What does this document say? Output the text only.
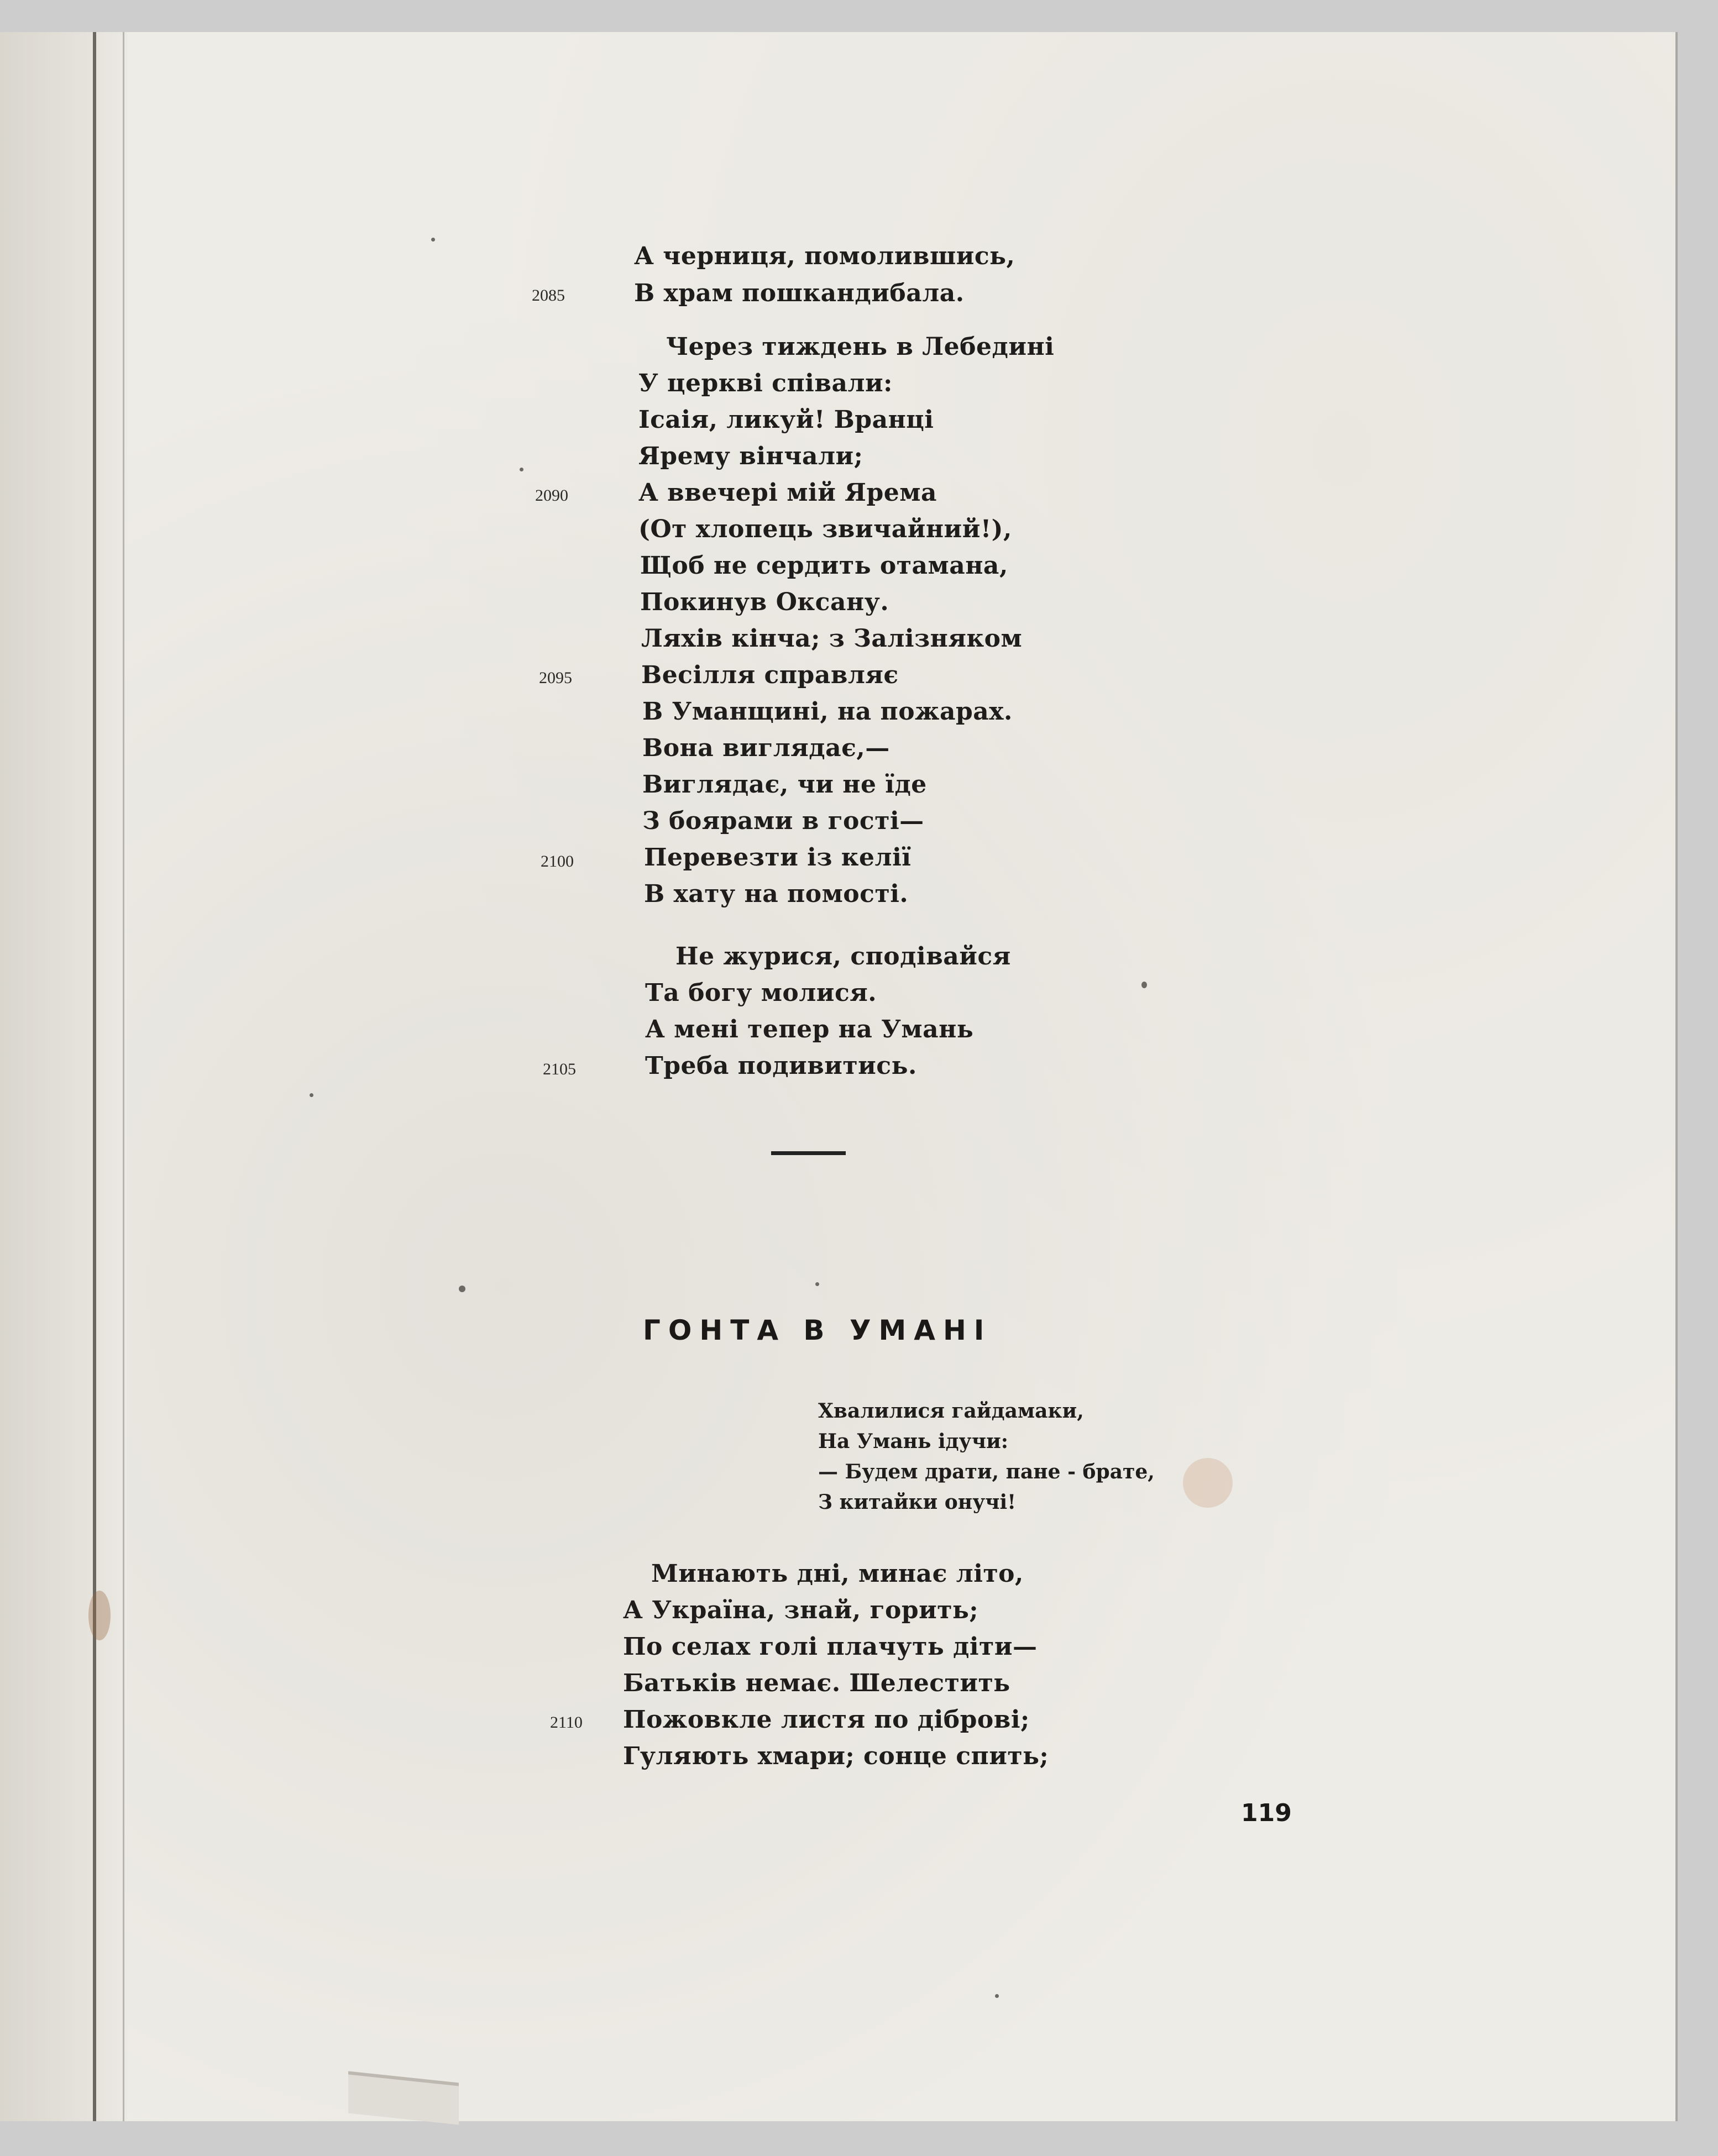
А черниця, помолившись,
В храм пошкандибала.
2085
Через тиждень в Лебедині
У церкві співали:
Ісаія, ликуй! Вранці
Ярему вінчали;
А ввечері мій Ярема
2090
(От хлопець звичайний!),
Щоб не сердить отамана,
Покинув Оксану.
Ляхів кінча; з Залізняком
Весілля справляє
2095
В Уманщині, на пожарах.
Вона виглядає,—
Виглядає, чи не їде
З боярами в гості—
Перевезти із келії
2100
В хату на помості.
Не журися, сподівайся
Та богу молися.
А мені тепер на Умань
Треба подивитись.
2105
ГОНТА В УМАНІ
Хвалилися гайдамаки,
На Умань ідучи:
— Будем драти, пане - брате,
З китайки онучі!
Минають дні, минає літо,
А Україна, знай, горить;
По селах голі плачуть діти—
Батьків немає. Шелестить
Пожовкле листя по діброві;
2110
Гуляють хмари; сонце спить;
119
